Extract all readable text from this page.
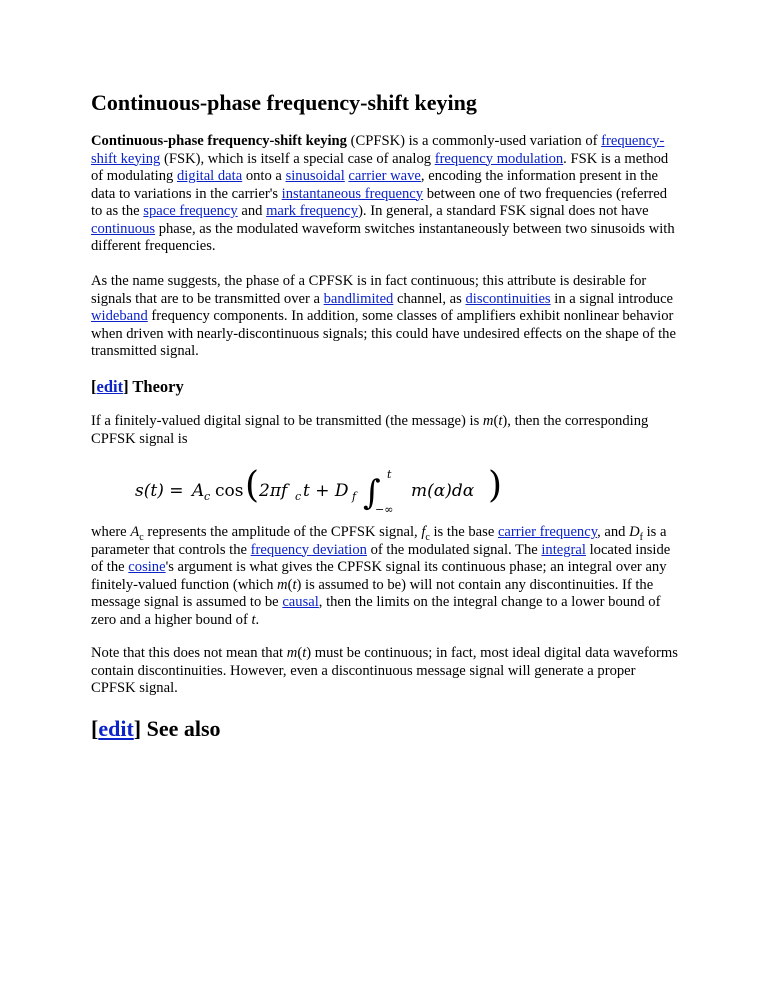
Continuous-phase frequency-shift keying

Continuous-phase frequency-shift keying (CPFSK) is a commonly-used variation of frequency-shift keying (FSK), which is itself a special case of analog frequency modulation. FSK is a method of modulating digital data onto a sinusoidal carrier wave, encoding the information present in the data to variations in the carrier's instantaneous frequency between one of two frequencies (referred to as the space frequency and mark frequency). In general, a standard FSK signal does not have continuous phase, as the modulated waveform switches instantaneously between two sinusoids with different frequencies.

As the name suggests, the phase of a CPFSK is in fact continuous; this attribute is desirable for signals that are to be transmitted over a bandlimited channel, as discontinuities in a signal introduce wideband frequency components. In addition, some classes of amplifiers exhibit nonlinear behavior when driven with nearly-discontinuous signals; this could have undesired effects on the shape of the transmitted signal.

[edit] Theory

If a finitely-valued digital signal to be transmitted (the message) is m(t), then the corresponding CPFSK signal is

s(t) = A c cos ( 2πf c t + D f ∫ t
−∞
m(α)dα )

where $A_c$ represents the amplitude of the CPFSK signal, $f_c$ is the base carrier frequency, and $D_f$ is a parameter that controls the frequency deviation of the modulated signal. The integral located inside of the cosine's argument is what gives the CPFSK signal its continuous phase; an integral over any finitely-valued function (which m(t) is assumed to be) will not contain any discontinuities. If the message signal is assumed to be causal, then the limits on the integral change to a lower bound of zero and a higher bound of t.

Note that this does not mean that m(t) must be continuous; in fact, most ideal digital data waveforms contain discontinuities. However, even a discontinuous message signal will generate a proper CPFSK signal.

[edit] See also
